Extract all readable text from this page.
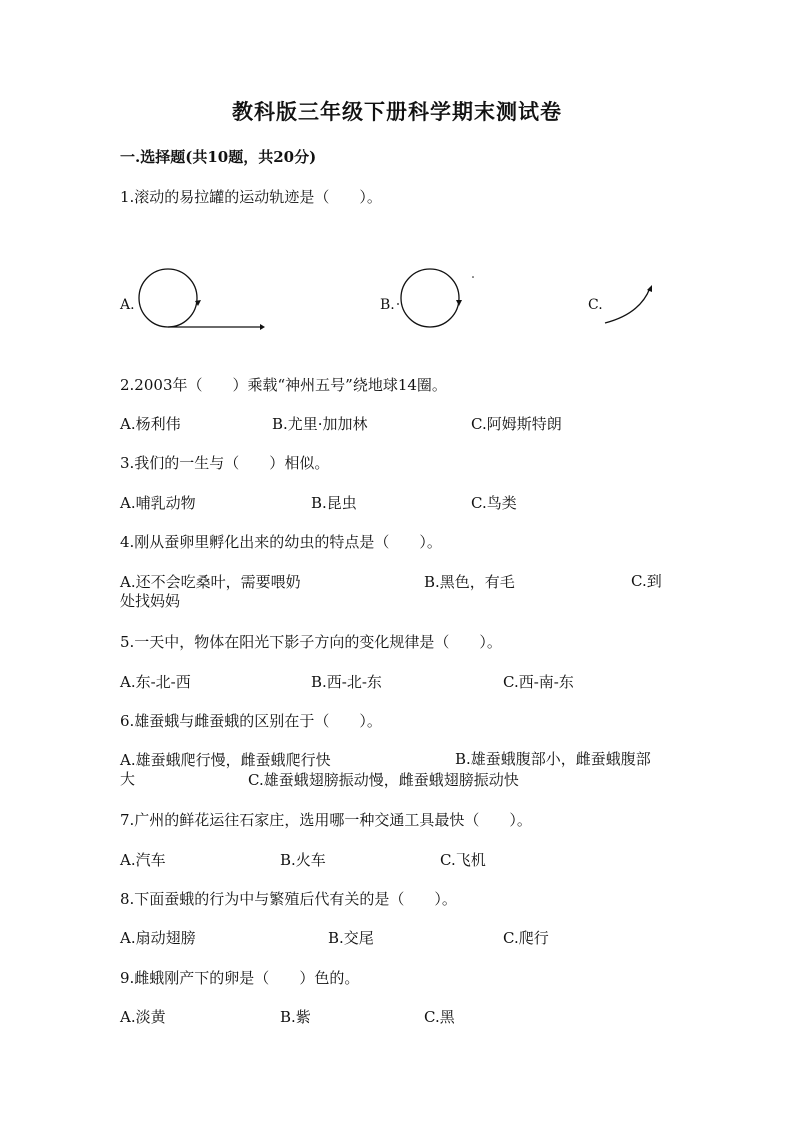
教科版三年级下册科学期末测试卷
一.选择题(共10题，共20分)
1.滚动的易拉罐的运动轨迹是（　　）。
A.	B.	C.
2.2003年（　　）乘载“神州五号”绕地球14圈。
A.杨利伟	B.尤里·加加林	C.阿姆斯特朗
3.我们的一生与（　　）相似。
A.哺乳动物	B.昆虫	C.鸟类
4.刚从蚕卵里孵化出来的幼虫的特点是（　　）。
A.还不会吃桑叶，需要喂奶	B.黑色，有毛	C.到处找妈妈
5.一天中，物体在阳光下影子方向的变化规律是（　　）。
A.东-北-西	B.西-北-东	C.西-南-东
6.雄蚕蛾与雌蚕蛾的区别在于（　　）。
A.雄蚕蛾爬行慢，雌蚕蛾爬行快	B.雄蚕蛾腹部小，雌蚕蛾腹部大	C.雄蚕蛾翅膀振动慢，雌蚕蛾翅膀振动快
7.广州的鲜花运往石家庄，选用哪一种交通工具最快（　　）。
A.汽车	B.火车	C.飞机
8.下面蚕蛾的行为中与繁殖后代有关的是（　　）。
A.扇动翅膀	B.交尾	C.爬行
9.雌蛾刚产下的卵是（　　）色的。
A.淡黄	B.紫	C.黑
